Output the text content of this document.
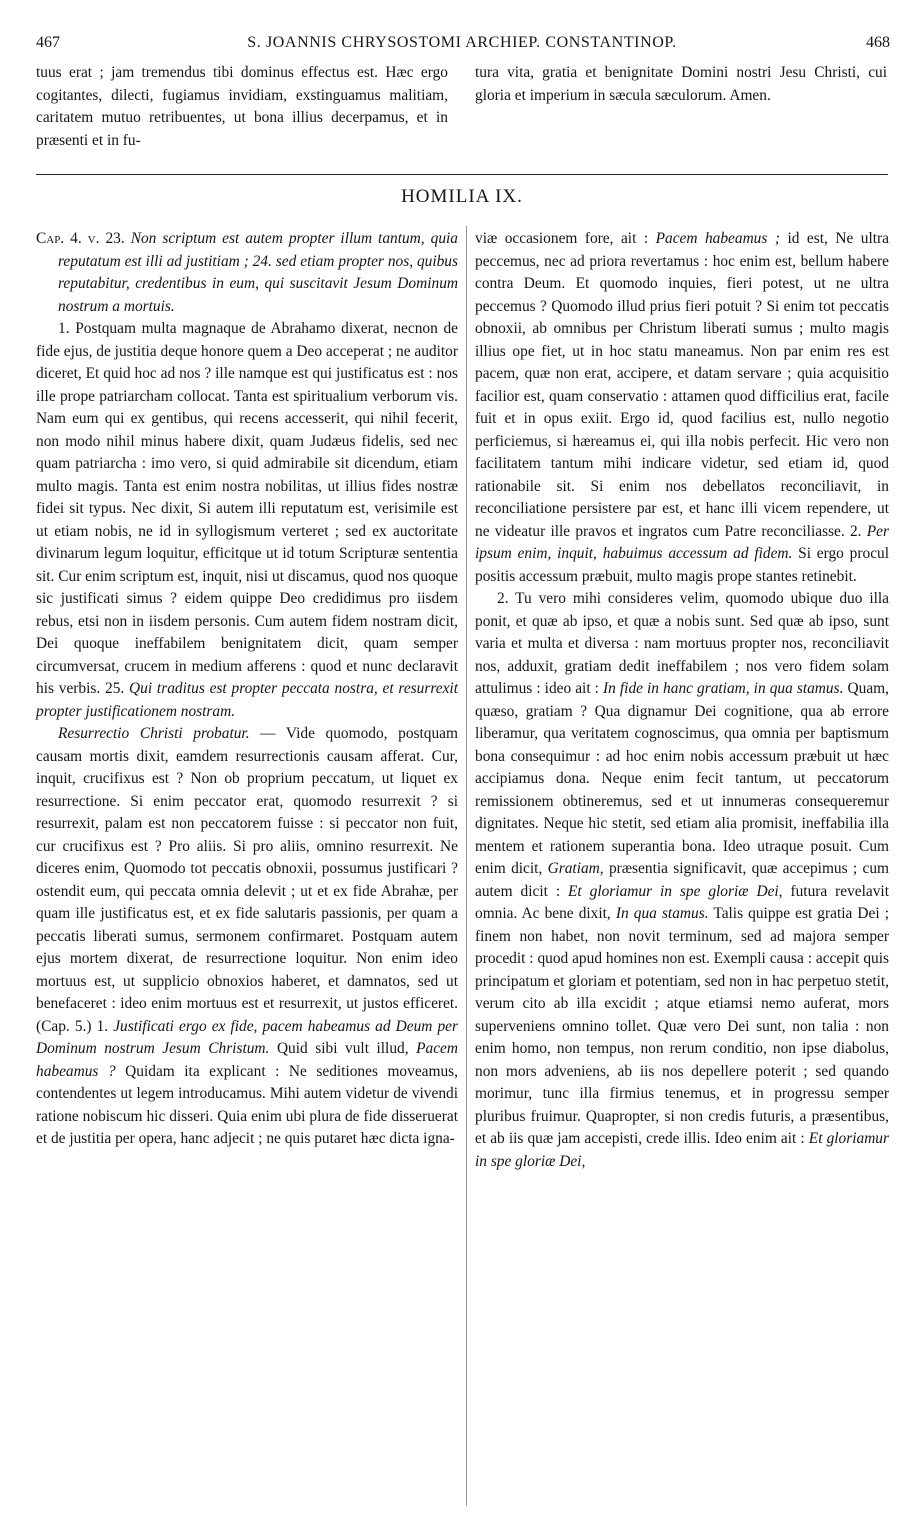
467	S. JOANNIS CHRYSOSTOMI ARCHIEP. CONSTANTINOP.	468

tuus erat ; jam tremendus tibi dominus effectus est. Hæc ergo cogitantes, dilecti, fugiamus invidiam, exstinguamus malitiam, caritatem mutuo retribuentes, ut bona illius decerpamus, et in præsenti et in fu-

tura vita, gratia et benignitate Domini nostri Jesu Christi, cui gloria et imperium in sæcula sæculorum. Amen.

HOMILIA IX.

Cap. 4. v. 23. Non scriptum est autem propter illum tantum, quia reputatum est illi ad justitiam ; 24. sed etiam propter nos, quibus reputabitur, credentibus in eum, qui suscitavit Jesum Dominum nostrum a mortuis.

1. Postquam multa magnaque de Abrahamo dixerat, necnon de fide ejus, de justitia deque honore quem a Deo acceperat ; ne auditor diceret, Et quid hoc ad nos ? ille namque est qui justificatus est : nos ille prope patriarcham collocat. Tanta est spiritualium verborum vis. Nam eum qui ex gentibus, qui recens accesserit, qui nihil fecerit, non modo nihil minus habere dixit, quam Judæus fidelis, sed nec quam patriarcha : imo vero, si quid admirabile sit dicendum, etiam multo magis. Tanta est enim nostra nobilitas, ut illius fides nostræ fidei sit typus. Nec dixit, Si autem illi reputatum est, verisimile est ut etiam nobis, ne id in syllogismum verteret ; sed ex auctoritate divinarum legum loquitur, efficitque ut id totum Scripturæ sententia sit. Cur enim scriptum est, inquit, nisi ut discamus, quod nos quoque sic justificati simus ? eidem quippe Deo credidimus pro iisdem rebus, etsi non in iisdem personis. Cum autem fidem nostram dicit, Dei quoque ineffabilem benignitatem dicit, quam semper circumversat, crucem in medium afferens : quod et nunc declaravit his verbis. 25. Qui traditus est propter peccata nostra, et resurrexit propter justificationem nostram.

Resurrectio Christi probatur. — Vide quomodo, postquam causam mortis dixit, eamdem resurrectionis causam afferat. Cur, inquit, crucifixus est ? Non ob proprium peccatum, ut liquet ex resurrectione. Si enim peccator erat, quomodo resurrexit ? si resurrexit, palam est non peccatorem fuisse : si peccator non fuit, cur crucifixus est ? Pro aliis. Si pro aliis, omnino resurrexit. Ne diceres enim, Quomodo tot peccatis obnoxii, possumus justificari ? ostendit eum, qui peccata omnia delevit ; ut et ex fide Abrahæ, per quam ille justificatus est, et ex fide salutaris passionis, per quam a peccatis liberati sumus, sermonem confirmaret. Postquam autem ejus mortem dixerat, de resurrectione loquitur. Non enim ideo mortuus est, ut supplicio obnoxios haberet, et damnatos, sed ut benefaceret : ideo enim mortuus est et resurrexit, ut justos efficeret. (Cap. 5.) 1. Justificati ergo ex fide, pacem habeamus ad Deum per Dominum nostrum Jesum Christum. Quid sibi vult illud, Pacem habeamus ? Quidam ita explicant : Ne seditiones moveamus, contendentes ut legem introducamus. Mihi autem videtur de vivendi ratione nobiscum hic disseri. Quia enim ubi plura de fide disseruerat et de justitia per opera, hanc adjecit ; ne quis putaret hæc dicta igna-

viæ occasionem fore, ait : Pacem habeamus ; id est, Ne ultra peccemus, nec ad priora revertamus : hoc enim est, bellum habere contra Deum. Et quomodo inquies, fieri potest, ut ne ultra peccemus ? Quomodo illud prius fieri potuit ? Si enim tot peccatis obnoxii, ab omnibus per Christum liberati sumus ; multo magis illius ope fiet, ut in hoc statu maneamus. Non par enim res est pacem, quæ non erat, accipere, et datam servare ; quia acquisitio facilior est, quam conservatio : attamen quod difficilius erat, facile fuit et in opus exiit. Ergo id, quod facilius est, nullo negotio perficiemus, si hæreamus ei, qui illa nobis perfecit. Hic vero non facilitatem tantum mihi indicare videtur, sed etiam id, quod rationabile sit. Si enim nos debellatos reconciliavit, in reconciliatione persistere par est, et hanc illi vicem rependere, ut ne videatur ille pravos et ingratos cum Patre reconciliasse. 2. Per ipsum enim, inquit, habuimus accessum ad fidem. Si ergo procul positis accessum præbuit, multo magis prope stantes retinebit.

2. Tu vero mihi consideres velim, quomodo ubique duo illa ponit, et quæ ab ipso, et quæ a nobis sunt. Sed quæ ab ipso, sunt varia et multa et diversa : nam mortuus propter nos, reconciliavit nos, adduxit, gratiam dedit ineffabilem ; nos vero fidem solam attulimus : ideo ait : In fide in hanc gratiam, in qua stamus. Quam, quæso, gratiam ? Qua dignamur Dei cognitione, qua ab errore liberamur, qua veritatem cognoscimus, qua omnia per baptismum bona consequimur : ad hoc enim nobis accessum præbuit ut hæc accipiamus dona. Neque enim fecit tantum, ut peccatorum remissionem obtineremus, sed et ut innumeras consequeremur dignitates. Neque hic stetit, sed etiam alia promisit, ineffabilia illa mentem et rationem superantia bona. Ideo utraque posuit. Cum enim dicit, Gratiam, præsentia significavit, quæ accepimus ; cum autem dicit : Et gloriamur in spe gloriæ Dei, futura revelavit omnia. Ac bene dixit, In qua stamus. Talis quippe est gratia Dei ; finem non habet, non novit terminum, sed ad majora semper procedit : quod apud homines non est. Exempli causa : accepit quis principatum et gloriam et potentiam, sed non in hac perpetuo stetit, verum cito ab illa excidit ; atque etiamsi nemo auferat, mors superveniens omnino tollet. Quæ vero Dei sunt, non talia : non enim homo, non tempus, non rerum conditio, non ipse diabolus, non mors adveniens, ab iis nos depellere poterit ; sed quando morimur, tunc illa firmius tenemus, et in progressu semper pluribus fruimur. Quapropter, si non credis futuris, a præsentibus, et ab iis quæ jam accepisti, crede illis. Ideo enim ait : Et gloriamur in spe gloriæ Dei,
